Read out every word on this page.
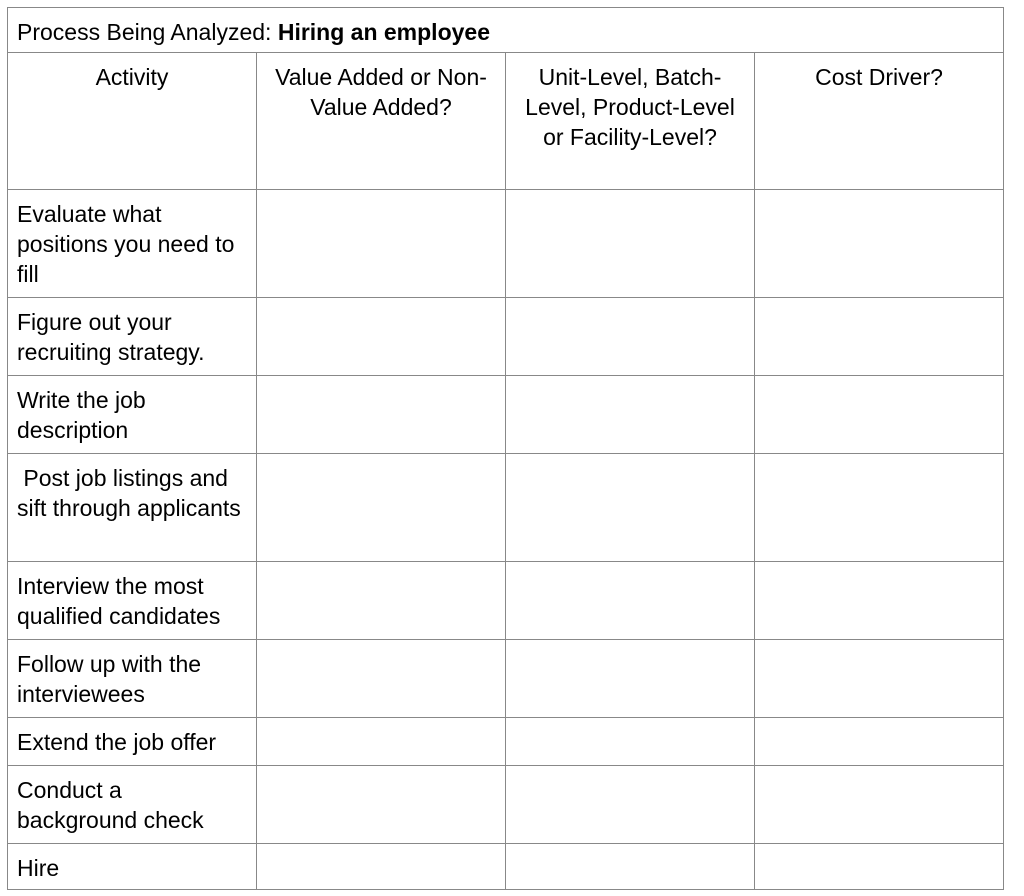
Process Being Analyzed: Hiring an employee			
Activity	Value Added or Non-Value Added?	Unit-Level, Batch-Level, Product-Level or Facility-Level?	Cost Driver?
Evaluate what positions you need to fill			
Figure out your recruiting strategy.			
Write the job description			
Post job listings and sift through applicants			
Interview the most qualified candidates			
Follow up with the interviewees			
Extend the job offer			
Conduct a background check			
Hire			
